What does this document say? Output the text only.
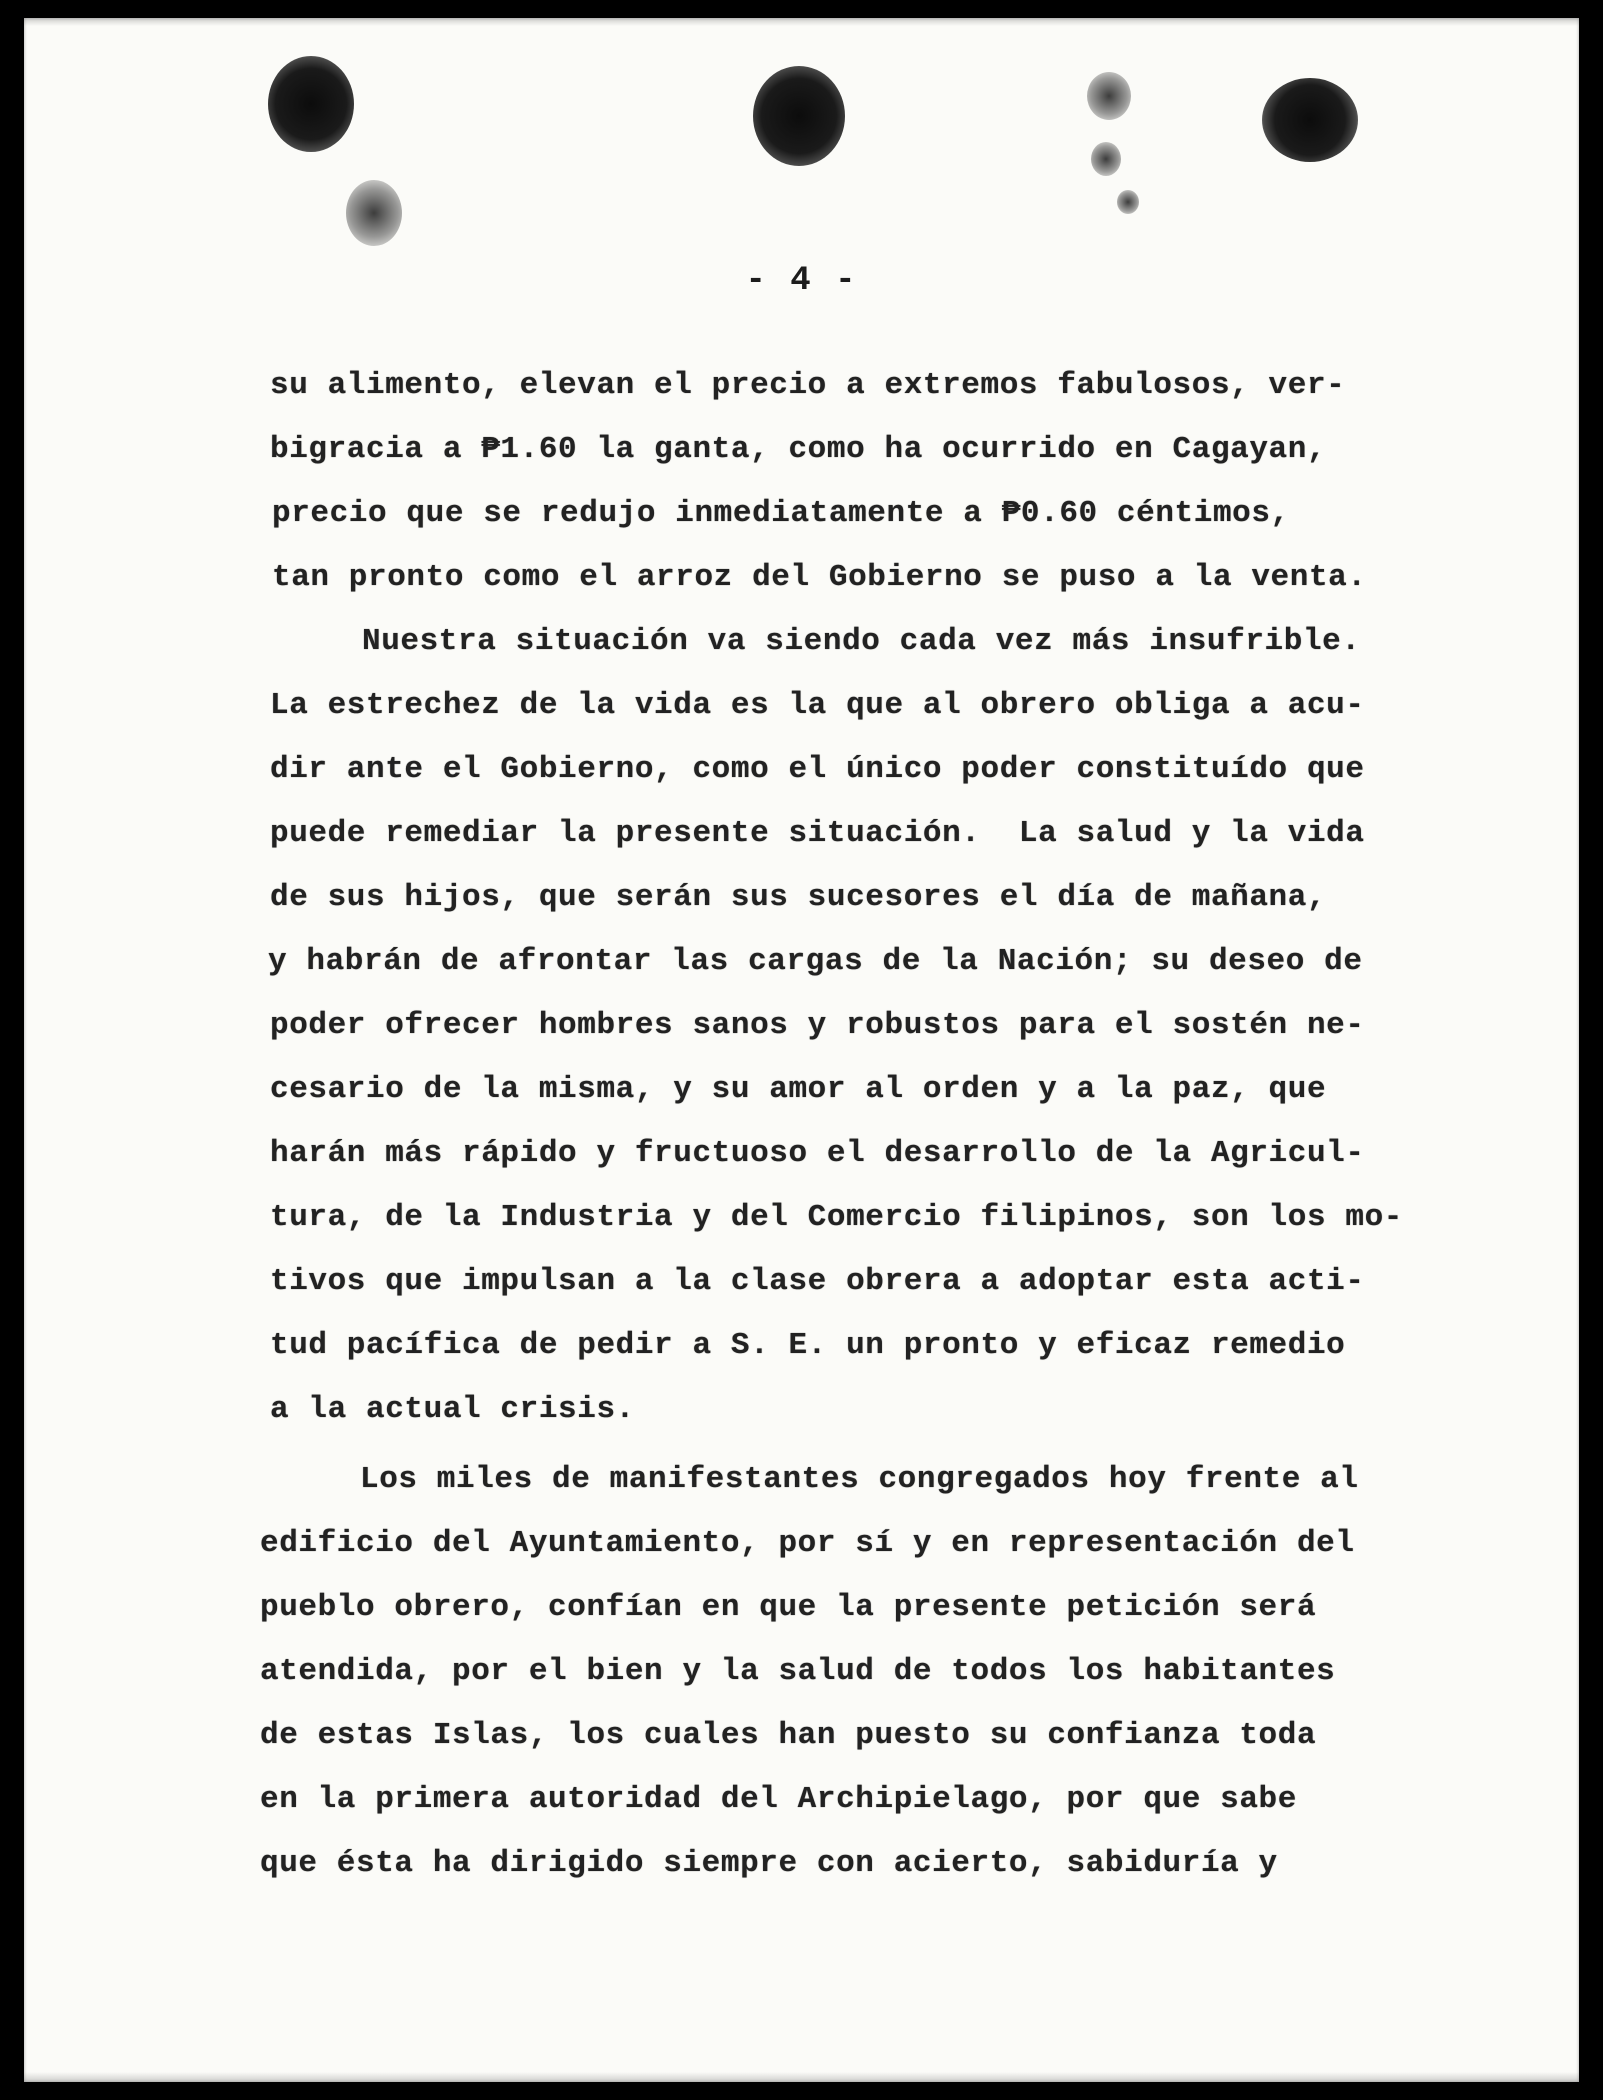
- 4 -
su alimento, elevan el precio a extremos fabulosos, ver-
bigracia a ₱1.60 la ganta, como ha ocurrido en Cagayan,
precio que se redujo inmediatamente a ₱0.60 céntimos,
tan pronto como el arroz del Gobierno se puso a la venta.
Nuestra situación va siendo cada vez más insufrible.
La estrechez de la vida es la que al obrero obliga a acu-
dir ante el Gobierno, como el único poder constituído que
puede remediar la presente situación.  La salud y la vida
de sus hijos, que serán sus sucesores el día de mañana,
y habrán de afrontar las cargas de la Nación; su deseo de
poder ofrecer hombres sanos y robustos para el sostén ne-
cesario de la misma, y su amor al orden y a la paz, que
harán más rápido y fructuoso el desarrollo de la Agricul-
tura, de la Industria y del Comercio filipinos, son los mo-
tivos que impulsan a la clase obrera a adoptar esta acti-
tud pacífica de pedir a S. E. un pronto y eficaz remedio
a la actual crisis.
Los miles de manifestantes congregados hoy frente al
edificio del Ayuntamiento, por sí y en representación del
pueblo obrero, confían en que la presente petición será
atendida, por el bien y la salud de todos los habitantes
de estas Islas, los cuales han puesto su confianza toda
en la primera autoridad del Archipielago, por que sabe
que ésta ha dirigido siempre con acierto, sabiduría y
